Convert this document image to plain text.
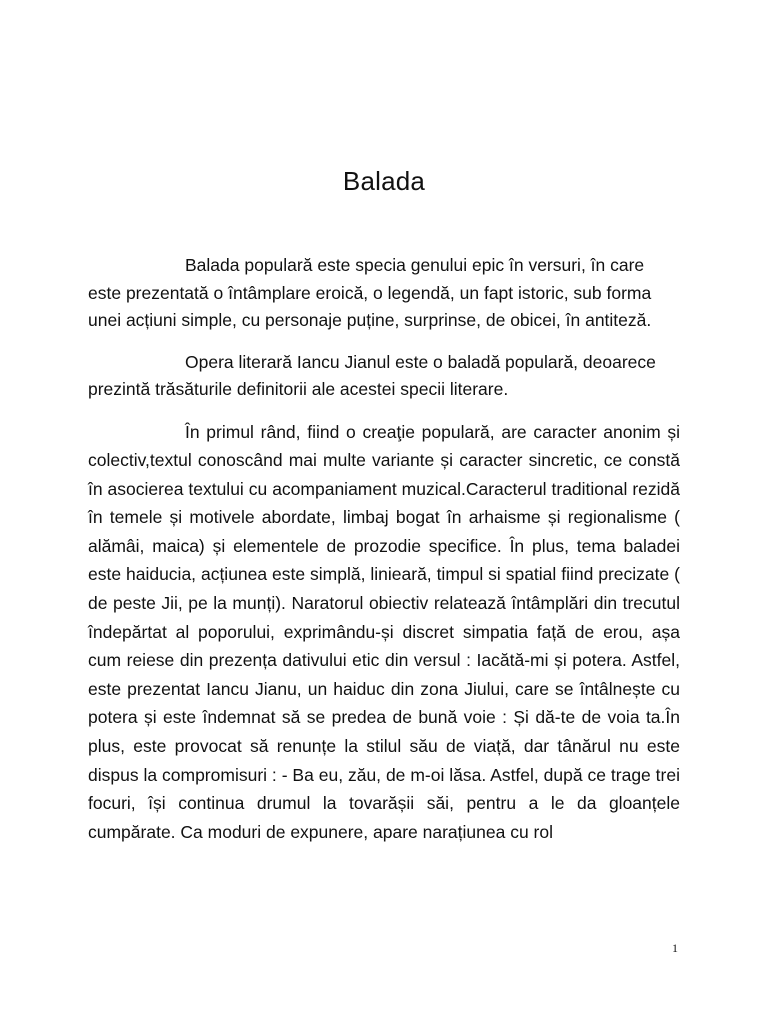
Balada

Balada populară este specia genului epic în versuri, în care este prezentată o întâmplare eroică, o legendă, un fapt istoric, sub forma unei acțiuni simple, cu personaje puține, surprinse, de obicei, în antiteză.

Opera literară Iancu Jianul este o baladă populară, deoarece prezintă trăsăturile definitorii ale acestei specii literare.

În primul rând, fiind o creaţie populară, are caracter anonim și colectiv,textul conoscând mai multe variante și caracter sincretic, ce constă în asocierea textului cu acompaniament muzical.Caracterul traditional rezidă în temele și motivele abordate, limbaj bogat în arhaisme și regionalisme ( alămâi, maica) și elementele de prozodie specifice. În plus, tema baladei este haiducia, acțiunea este simplă, linieară, timpul si spatial fiind precizate ( de peste Jii, pe la munți). Naratorul obiectiv relatează întâmplări din trecutul îndepărtat al poporului, exprimându-și discret simpatia față de erou, așa cum reiese din prezența dativului etic din versul : Iacătă-mi și potera. Astfel, este prezentat Iancu Jianu, un haiduc din zona Jiului, care se întâlnește cu potera și este îndemnat să se predea de bună voie : Și dă-te de voia ta.În plus, este provocat să renunțe la stilul său de viață, dar tânărul nu este dispus la compromisuri : - Ba eu, zău, de m-oi lăsa. Astfel, după ce trage trei focuri, își continua drumul la tovarășii săi, pentru a le da gloanțele cumpărate. Ca moduri de expunere, apare narațiunea cu rol

1
